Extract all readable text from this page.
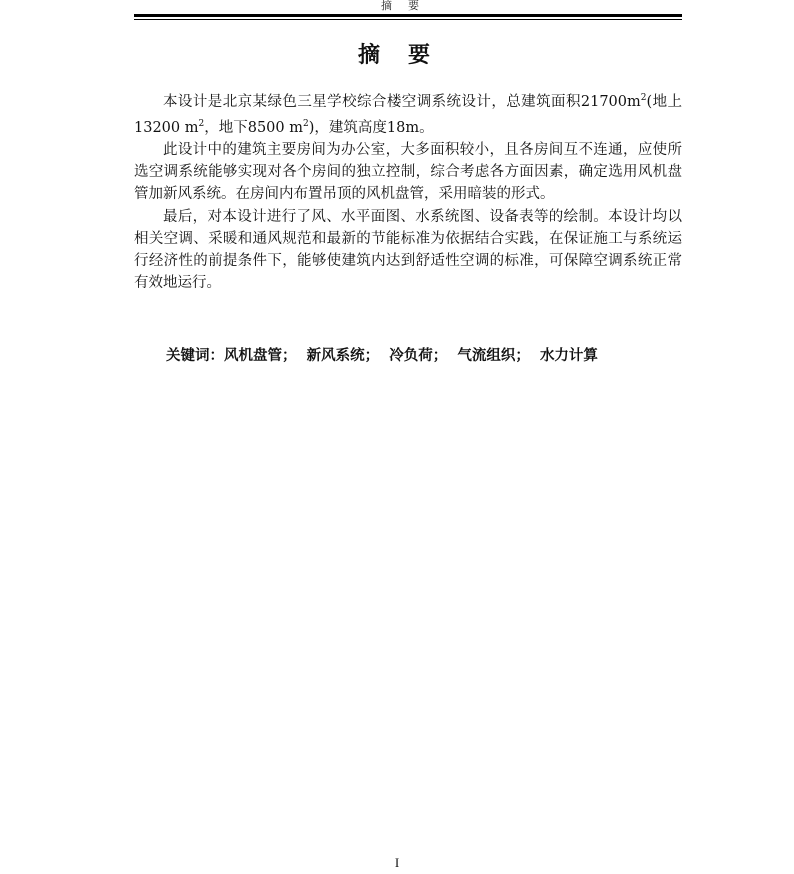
摘要
摘要

本设计是北京某绿色三星学校综合楼空调系统设计，总建筑面积$21700m^2$(地上13200 $m^2$，地下8500 $m^2$)，建筑高度18m。

此设计中的建筑主要房间为办公室，大多面积较小，且各房间互不连通，应使所选空调系统能够实现对各个房间的独立控制，综合考虑各方面因素，确定选用风机盘管加新风系统。在房间内布置吊顶的风机盘管，采用暗装的形式。

最后，对本设计进行了风、水平面图、水系统图、设备表等的绘制。本设计均以相关空调、采暖和通风规范和最新的节能标准为依据结合实践，在保证施工与系统运行经济性的前提条件下，能够使建筑内达到舒适性空调的标准，可保障空调系统正常有效地运行。

关键词：风机盘管； 新风系统； 冷负荷； 气流组织； 水力计算
I
